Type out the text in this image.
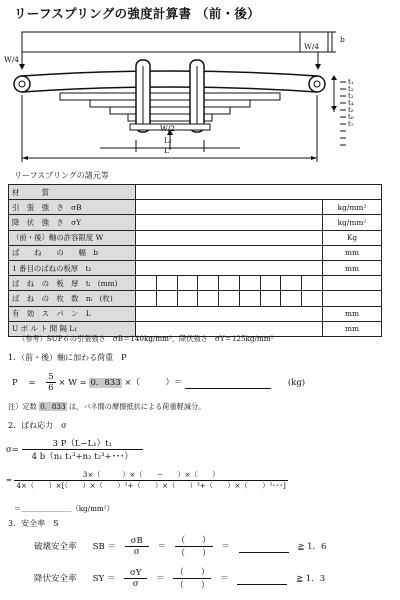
リーフスプリングの強度計算書 （前・後）
W/4
W/4
W/2
b
t₁
t₂
t₃
t₄
t₅
t₆
t₇
L₁
L
リーフスプリングの諸元等
材　　　質										
引　張　強　さ　σB										kg/mm²
降　伏　強　さ　σY										kg/mm²
（前・後）軸の許容限度 W										Kg
ば　　ね　　の　　幅　b										mm
1 番目のばねの板厚　t₁										mm
ば　ね　の　板　厚　tᵢ　(mm)										
ば　ね　の　枚　数　nᵢ　(枚)										
有　効　ス　パ　ン　L										mm
U ボ ル ト 間 隔 L₁										mm
（参考）SUP６の引張強さ　σB＝140kg/mm²，降伏強さ　σY＝125kg/mm²
1．（前・後）軸に加わる荷重　P
$P = \frac{5}{6} \times W = 0$．833 ×（　　　）＝	(kg)
注）定数 0．833 は，バネ間の摩擦抵抗による荷重軽減分。
2．ばね応力　σ
$\sigma= \frac{\text{3 P（L−L₁）t₁}}{\text{4 b（n₁ t₁³+n₂ t₂³+･･･）}}$
= $\frac{3\times( )\times( - )\times( )}{\text{4×（　　）×[（　　）×（　　）³+（　　）×（　　）³+（　　）×（　　）³･･･]}}$
＝＿＿＿＿＿＿＿（kg/mm²）
3．安全率　S
破壊安全率 SB ＝ $\frac{\sigma B}{\sigma} = \frac{( )}{( )}$ ＝	≧ 1．6
降伏安全率 SY ＝ $\frac{\sigma Y}{\sigma} = \frac{( )}{( )}$ ＝	≧ 1．3
